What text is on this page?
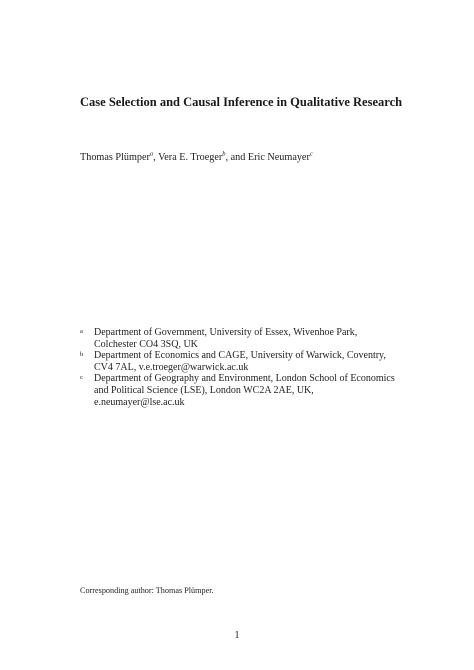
Case Selection and Causal Inference in Qualitative Research
Thomas Plümper$^a$, Vera E. Troeger$^b$, and Eric Neumayer$^c$
a Department of Government, University of Essex, Wivenhoe Park, Colchester CO4 3SQ, UK
b Department of Economics and CAGE, University of Warwick, Coventry, CV4 7AL, v.e.troeger@warwick.ac.uk
c Department of Geography and Environment, London School of Economics and Political Science (LSE), London WC2A 2AE, UK, e.neumayer@lse.ac.uk
Corresponding author: Thomas Plümper.
1
